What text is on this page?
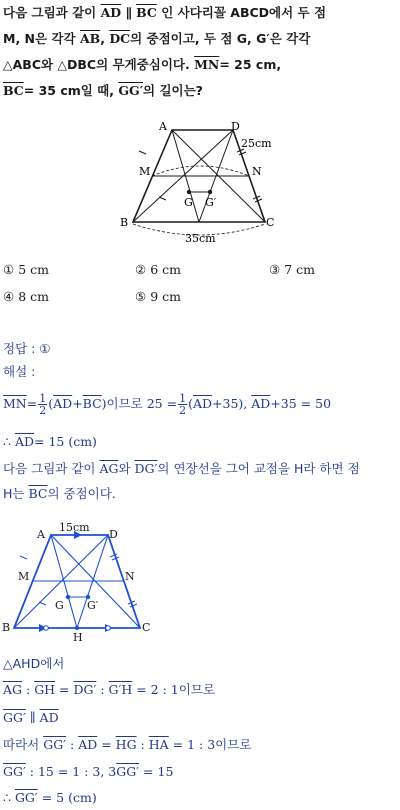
다음 그림과 같이 $\overline{AD}$ ∥ $\overline{BC}$ 인 사다리꼴 ABCD에서 두 점
M, N은 각각 $\overline{AB}$, $\overline{DC}$의 중점이고, 두 점 G, G′은 각각
△ABC와 △DBC의 무게중심이다. $\overline{MN}= 25$ cm,
$\overline{BC}= 35$ cm일 때, GG′의 길이는?
A	D
M	N
B	C
G G′
25cm
35cm
① 5 cm	② 6 cm	③ 7 cm
④ 8 cm	⑤ 9 cm
정답 : ①
해설 :
$\overline{MN}= \frac{1}{2} (\overline{AD}+\overline{BC})$이므로 $25 = \frac{1}{2} (\overline{AD}+35)$, $\overline{AD}+35 = 50$
∴ $\overline{AD}= 15$ (cm)
다음 그림과 같이 $\overline{AG}$와 DG′의 연장선을 그어 교점을 H라 하면 점
H는 $\overline{BC}$의 중점이다.
A	D
M	N
B	C
G G′
H
15cm
△AHD에서
$\overline{AG}$ : $\overline{GH} = DG'$ : G′H = 2 : 1이므로
GG′ ∥ $\overline{AD}$
따라서 GG′ : $\overline{AD} = \overline{HG}$ : $\overline{HA} = 1$ : 3이므로
GG′ : 15 = 1 : 3, 3GG′ = 15
∴ GG′ = 5 (cm)
